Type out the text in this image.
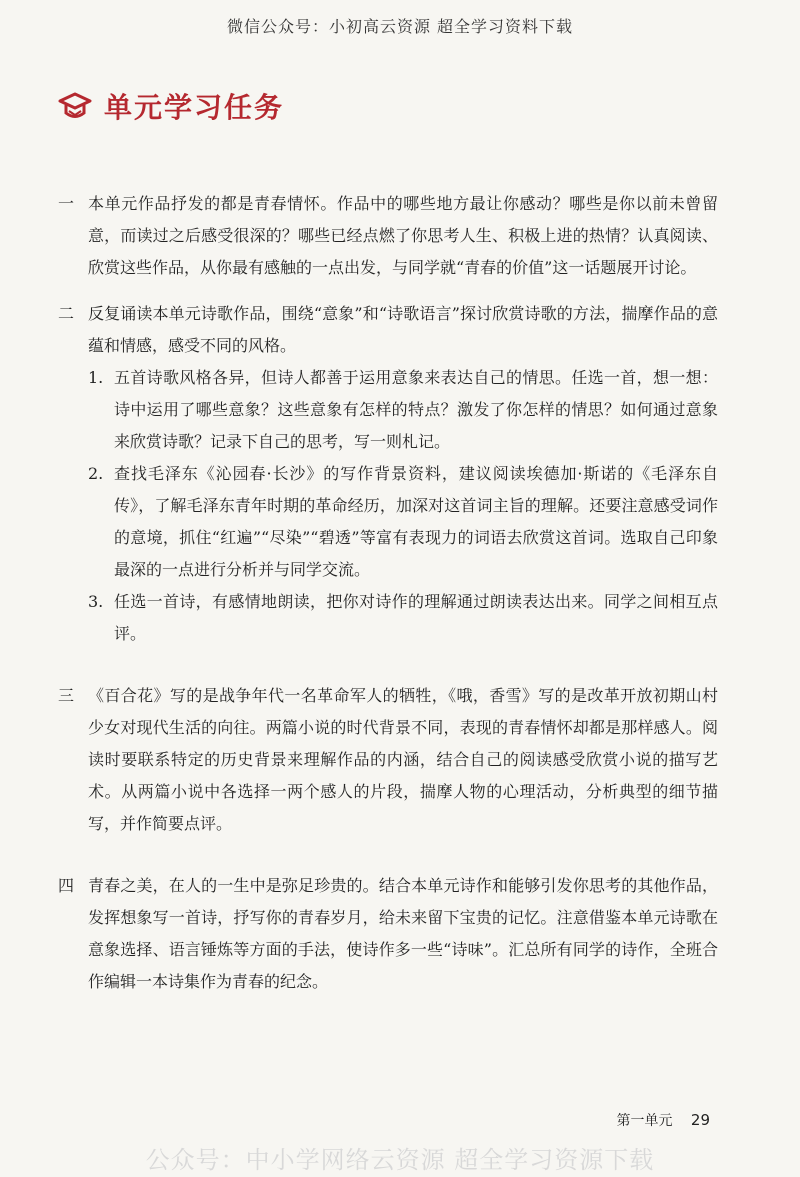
微信公众号：小初高云资源 超全学习资料下载
单元学习任务
一 本单元作品抒发的都是青春情怀。作品中的哪些地方最让你感动？哪些是你以前未曾留意，而读过之后感受很深的？哪些已经点燃了你思考人生、积极上进的热情？认真阅读、欣赏这些作品，从你最有感触的一点出发，与同学就“青春的价值”这一话题展开讨论。
二 反复诵读本单元诗歌作品，围绕“意象”和“诗歌语言”探讨欣赏诗歌的方法，揣摩作品的意蕴和情感，感受不同的风格。
1. 五首诗歌风格各异，但诗人都善于运用意象来表达自己的情思。任选一首，想一想：诗中运用了哪些意象？这些意象有怎样的特点？激发了你怎样的情思？如何通过意象来欣赏诗歌？记录下自己的思考，写一则札记。
2. 查找毛泽东《沁园春·长沙》的写作背景资料，建议阅读埃德加·斯诺的《毛泽东自传》，了解毛泽东青年时期的革命经历，加深对这首词主旨的理解。还要注意感受词作的意境，抓住“红遍”“尽染”“碧透”等富有表现力的词语去欣赏这首词。选取自己印象最深的一点进行分析并与同学交流。
3. 任选一首诗，有感情地朗读，把你对诗作的理解通过朗读表达出来。同学之间相互点评。
三 《百合花》写的是战争年代一名革命军人的牺牲，《哦，香雪》写的是改革开放初期山村少女对现代生活的向往。两篇小说的时代背景不同，表现的青春情怀却都是那样感人。阅读时要联系特定的历史背景来理解作品的内涵，结合自己的阅读感受欣赏小说的描写艺术。从两篇小说中各选择一两个感人的片段，揣摩人物的心理活动，分析典型的细节描写，并作简要点评。
四 青春之美，在人的一生中是弥足珍贵的。结合本单元诗作和能够引发你思考的其他作品，发挥想象写一首诗，抒写你的青春岁月，给未来留下宝贵的记忆。注意借鉴本单元诗歌在意象选择、语言锤炼等方面的手法，使诗作多一些“诗味”。汇总所有同学的诗作，全班合作编辑一本诗集作为青春的纪念。
第一单元 29
公众号：中小学网络云资源 超全学习资源下载
